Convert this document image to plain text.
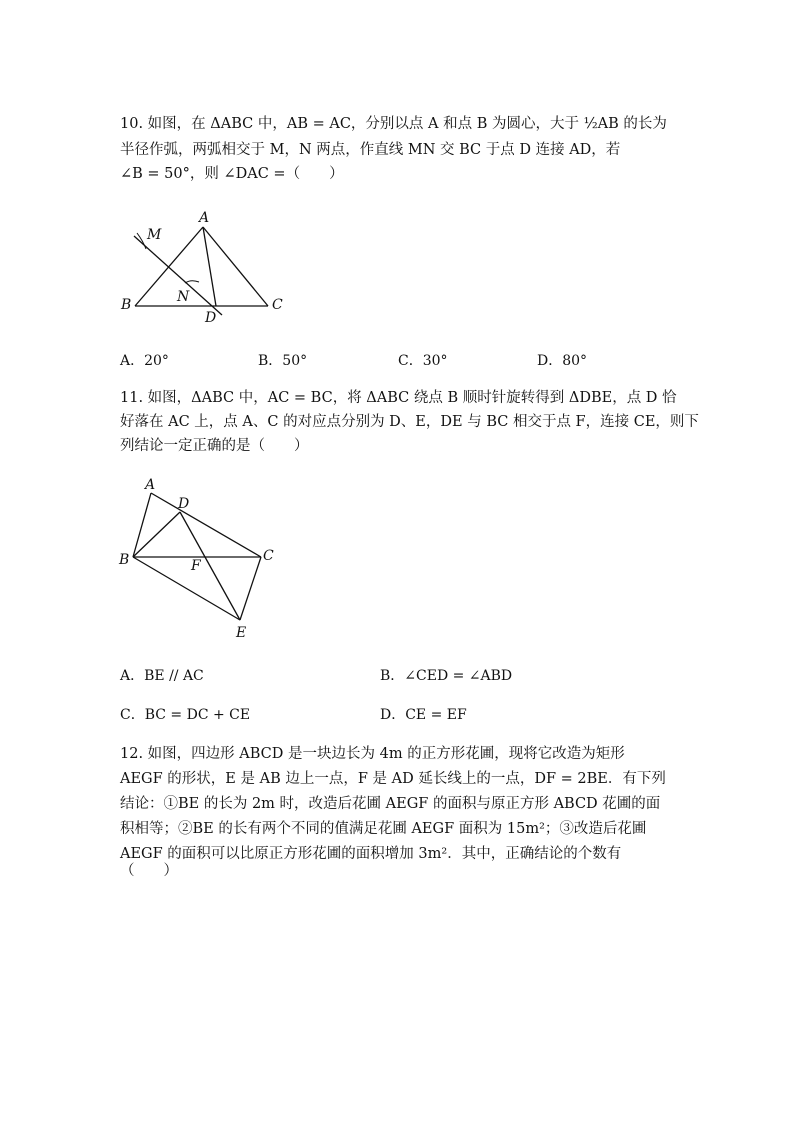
10. 如图，在 ΔABC 中，AB = AC，分别以点 A 和点 B 为圆心，大于 ½AB 的长为
半径作弧，两弧相交于 M，N 两点，作直线 MN 交 BC 于点 D 连接 AD，若
∠B = 50°，则 ∠DAC =（　　）
A
M
N
B
D
C
A．20°	B．50°	C．30°	D．80°
11. 如图，ΔABC 中，AC = BC，将 ΔABC 绕点 B 顺时针旋转得到 ΔDBE，点 D 恰
好落在 AC 上，点 A、C 的对应点分别为 D、E，DE 与 BC 相交于点 F，连接 CE，则下
列结论一定正确的是（　　）
A
D
B	C
F
E
A．BE // AC	B．∠CED = ∠ABD
C．BC = DC + CE	D．CE = EF
12. 如图，四边形 ABCD 是一块边长为 4m 的正方形花圃，现将它改造为矩形
AEGF 的形状，E 是 AB 边上一点，F 是 AD 延长线上的一点，DF = 2BE．有下列
结论：①BE 的长为 2m 时，改造后花圃 AEGF 的面积与原正方形 ABCD 花圃的面
积相等；②BE 的长有两个不同的值满足花圃 AEGF 面积为 15m²；③改造后花圃
AEGF 的面积可以比原正方形花圃的面积增加 3m²．其中，正确结论的个数有
（　　）
